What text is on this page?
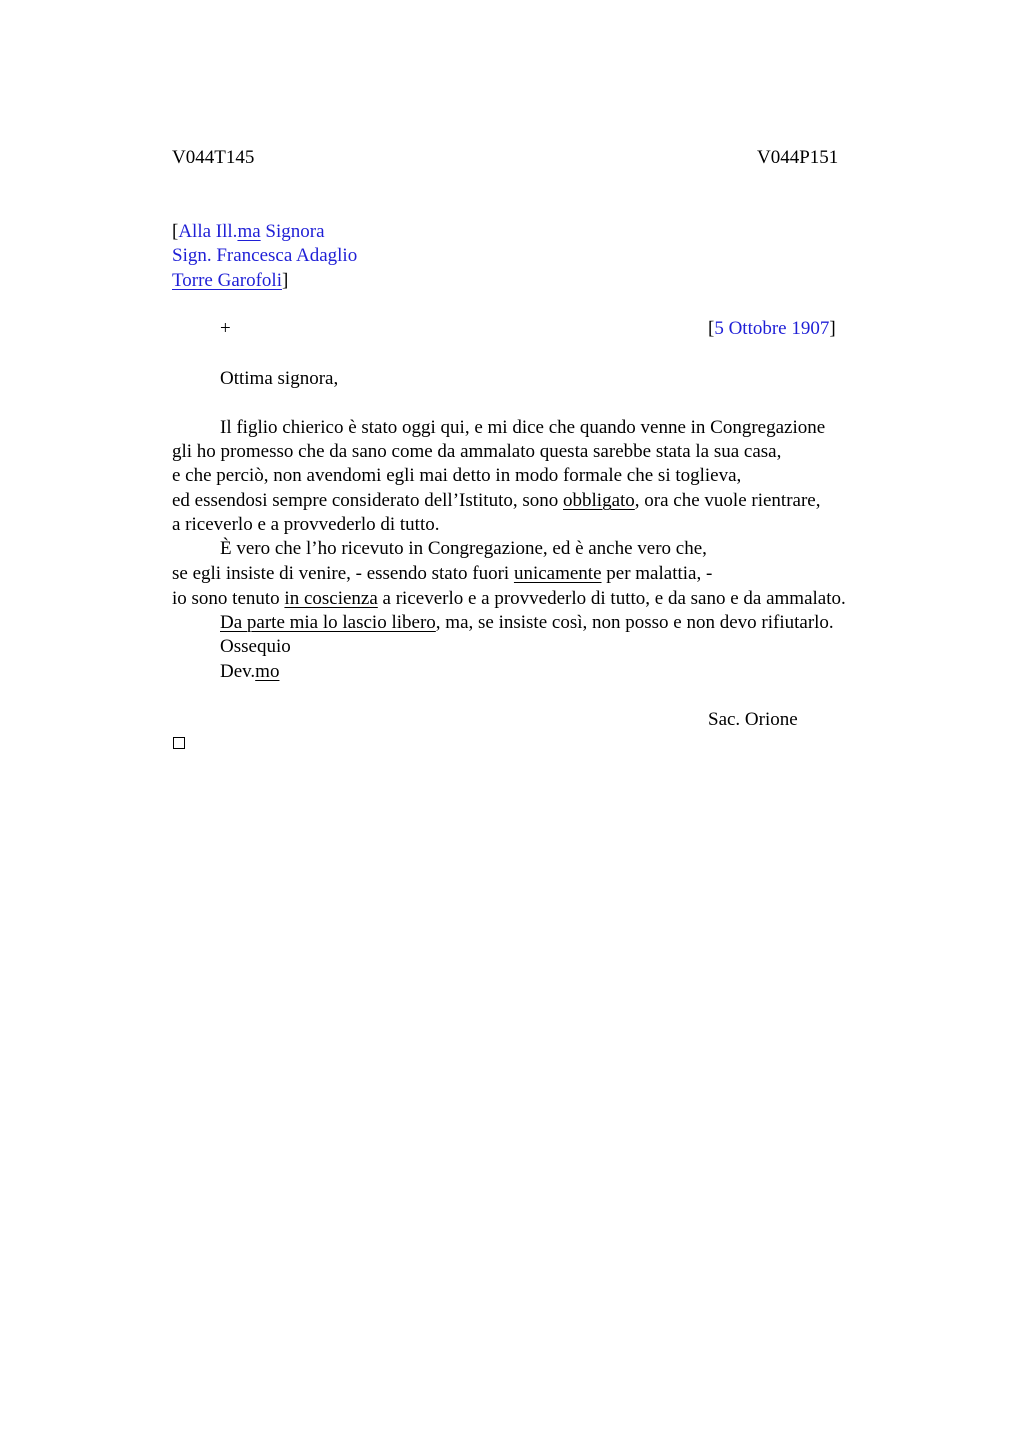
V044T145	V044P151
[Alla Ill.ma Signora
Sign. Francesca Adaglio
Torre Garofoli]
+	[5 Ottobre 1907]
Ottima signora,
Il figlio chierico è stato oggi qui, e mi dice che quando venne in Congregazione
gli ho promesso che da sano come da ammalato questa sarebbe stata la sua casa,
e che perciò, non avendomi egli mai detto in modo formale che si toglieva,
ed essendosi sempre considerato dell’Istituto, sono obbligato, ora che vuole rientrare,
a riceverlo e a provvederlo di tutto.
È vero che l’ho ricevuto in Congregazione, ed è anche vero che,
se egli insiste di venire, - essendo stato fuori unicamente per malattia, -
io sono tenuto in coscienza a riceverlo e a provvederlo di tutto, e da sano e da ammalato.
Da parte mia lo lascio libero, ma, se insiste così, non posso e non devo rifiutarlo.
Ossequio
Dev.mo
Sac. Orione
